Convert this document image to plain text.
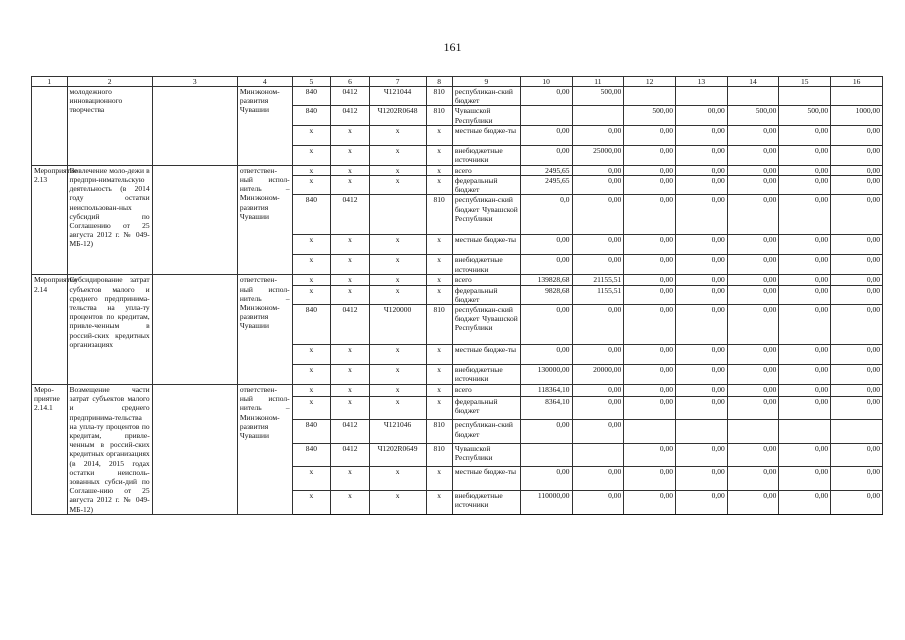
161
1	2	3	4	5	6	7	8	9	10	11	12	13	14	15	16
	молодежного инновационного творчества		Минэконом-развития Чувашии	840	0412	Ч121044	810	республикан-ский бюджет	0,00	500,00					
				840	0412	Ч1202R0648	810	Чувашской Республики			500,00	00,00	500,00	500,00	1000,00
				х	х	х	х	местные бюдже-ты	0,00	0,00	0,00	0,00	0,00	0,00	0,00
				х	х	х	х	внебюджетные источники	0,00	25000,00	0,00	0,00	0,00	0,00	0,00
Мероприятие 2.13	Вовлечение моло-дежи в предпри-нимательскую деятельность (в 2014 году остатки неиспользован-ных субсидий по Соглашению от 25 августа 2012 г. № 049-МБ-12)		ответствен-ный испол-нитель – Минэконом-развития Чувашии	х	х	х	х	всего	2495,65	0,00	0,00	0,00	0,00	0,00	0,00
				х	х	х	х	федеральный бюджет	2495,65	0,00	0,00	0,00	0,00	0,00	0,00
				840	0412		810	республикан-ский бюджет Чувашской Республики	0,0	0,00	0,00	0,00	0,00	0,00	0,00
				х	х	х	х	местные бюдже-ты	0,00	0,00	0,00	0,00	0,00	0,00	0,00
				х	х	х	х	внебюджетные источники	0,00	0,00	0,00	0,00	0,00	0,00	0,00
Мероприятие 2.14	Субсидирование затрат субъектов малого и среднего предпринима-тельства на упла-ту процентов по кредитам, привле-ченным в россий-ских кредитных организациях		ответствен-ный испол-нитель – Минэконом-развития Чувашии	х	х	х	х	всего	139828,68	21155,51	0,00	0,00	0,00	0,00	0,00
				х	х	х	х	федеральный бюджет	9828,68	1155,51	0,00	0,00	0,00	0,00	0,00
				840	0412	Ч120000	810	республикан-ский бюджет Чувашской Республики	0,00	0,00	0,00	0,00	0,00	0,00	0,00
				х	х	х	х	местные бюдже-ты	0,00	0,00	0,00	0,00	0,00	0,00	0,00
				х	х	х	х	внебюджетные источники	130000,00	20000,00	0,00	0,00	0,00	0,00	0,00
Меро-приятие 2.14.1	Возмещение части затрат субъектов малого и среднего предпринима-тельства на упла-ту процентов по кредитам, привле-ченным в россий-ских кредитных организациях (в 2014, 2015 годах остатки неисполь-зованных субси-дий по Соглаше-нию от 25 августа 2012 г. № 049-МБ-12)		ответствен-ный испол-нитель – Минэконом-развития Чувашии	х	х	х	х	всего	118364,10	0,00	0,00	0,00	0,00	0,00	0,00
				х	х	х	х	федеральный бюджет	8364,10	0,00	0,00	0,00	0,00	0,00	0,00
				840	0412	Ч121046	810	республикан-ский бюджет	0,00	0,00					
				840	0412	Ч1202R0649	810	Чувашской Республики			0,00	0,00	0,00	0,00	0,00
				х	х	х	х	местные бюдже-ты	0,00	0,00	0,00	0,00	0,00	0,00	0,00
				х	х	х	х	внебюджетные источники	110000,00	0,00	0,00	0,00	0,00	0,00	0,00
